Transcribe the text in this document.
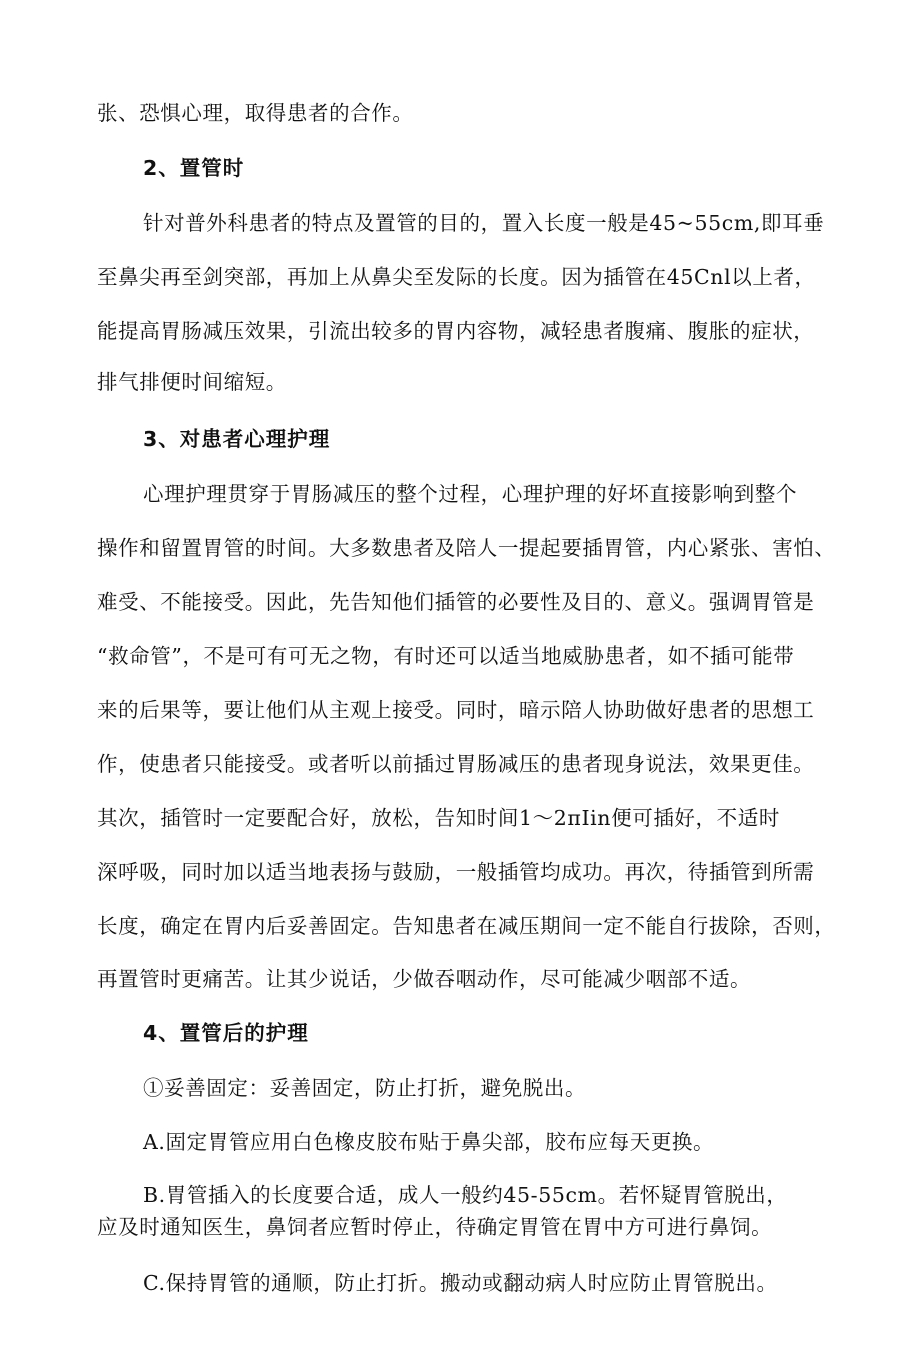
张、恐惧心理，取得患者的合作。
2、置管时
针对普外科患者的特点及置管的目的，置入长度一般是45~55cm,即耳垂
至鼻尖再至剑突部，再加上从鼻尖至发际的长度。因为插管在45Cnl以上者，
能提高胃肠减压效果，引流出较多的胃内容物，减轻患者腹痛、腹胀的症状，
排气排便时间缩短。
3、对患者心理护理
心理护理贯穿于胃肠减压的整个过程，心理护理的好坏直接影响到整个
操作和留置胃管的时间。大多数患者及陪人一提起要插胃管，内心紧张、害怕、
难受、不能接受。因此，先告知他们插管的必要性及目的、意义。强调胃管是
“救命管”，不是可有可无之物，有时还可以适当地威胁患者，如不插可能带
来的后果等，要让他们从主观上接受。同时，暗示陪人协助做好患者的思想工
作，使患者只能接受。或者听以前插过胃肠减压的患者现身说法，效果更佳。
其次，插管时一定要配合好，放松，告知时间1～2πIin便可插好，不适时
深呼吸，同时加以适当地表扬与鼓励，一般插管均成功。再次，待插管到所需
长度，确定在胃内后妥善固定。告知患者在减压期间一定不能自行拔除，否则，
再置管时更痛苦。让其少说话，少做吞咽动作，尽可能减少咽部不适。
4、置管后的护理
①妥善固定：妥善固定，防止打折，避免脱出。
A.固定胃管应用白色橡皮胶布贴于鼻尖部，胶布应每天更换。
B.胃管插入的长度要合适，成人一般约45-55cm。若怀疑胃管脱出，
应及时通知医生，鼻饲者应暂时停止，待确定胃管在胃中方可进行鼻饲。
C.保持胃管的通顺，防止打折。搬动或翻动病人时应防止胃管脱出。
